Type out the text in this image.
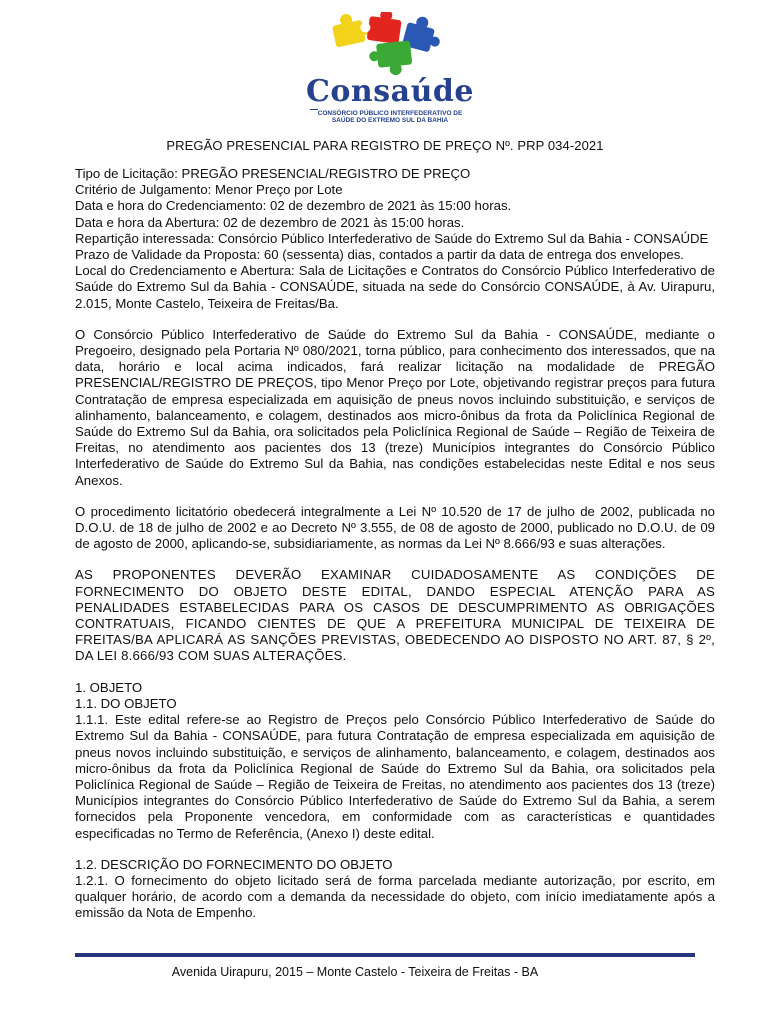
Consaúde
CONSÓRCIO PÚBLICO INTERFEDERATIVO DE
SAÚDE DO EXTREMO SUL DA BAHIA
PREGÃO PRESENCIAL PARA REGISTRO DE PREÇO Nº. PRP 034-2021

Tipo de Licitação: PREGÃO PRESENCIAL/REGISTRO DE PREÇO

Critério de Julgamento: Menor Preço por Lote

Data e hora do Credenciamento: 02 de dezembro de 2021 às 15:00 horas.

Data e hora da Abertura: 02 de dezembro de 2021 às 15:00 horas.

Repartição interessada: Consórcio Público Interfederativo de Saúde do Extremo Sul da Bahia - CONSAÚDE

Prazo de Validade da Proposta: 60 (sessenta) dias, contados a partir da data de entrega dos envelopes.

Local do Credenciamento e Abertura: Sala de Licitações e Contratos do Consórcio Público Interfederativo de Saúde do Extremo Sul da Bahia - CONSAÚDE, situada na sede do Consórcio CONSAÚDE, à Av. Uirapuru, 2.015, Monte Castelo, Teixeira de Freitas/Ba.

O Consórcio Público Interfederativo de Saúde do Extremo Sul da Bahia - CONSAÚDE, mediante o Pregoeiro, designado pela Portaria Nº 080/2021, torna público, para conhecimento dos interessados, que na data, horário e local acima indicados, fará realizar licitação na modalidade de PREGÃO PRESENCIAL/REGISTRO DE PREÇOS, tipo Menor Preço por Lote, objetivando registrar preços para futura Contratação de empresa especializada em aquisição de pneus novos incluindo substituição, e serviços de alinhamento, balanceamento, e colagem, destinados aos micro-ônibus da frota da Policlínica Regional de Saúde do Extremo Sul da Bahia, ora solicitados pela Policlínica Regional de Saúde – Região de Teixeira de Freitas, no atendimento aos pacientes dos 13 (treze) Municípios integrantes do Consórcio Público Interfederativo de Saúde do Extremo Sul da Bahia, nas condições estabelecidas neste Edital e nos seus Anexos.

O procedimento licitatório obedecerá integralmente a Lei Nº 10.520 de 17 de julho de 2002, publicada no D.O.U. de 18 de julho de 2002 e ao Decreto Nº 3.555, de 08 de agosto de 2000, publicado no D.O.U. de 09 de agosto de 2000, aplicando-se, subsidiariamente, as normas da Lei Nº 8.666/93 e suas alterações.

AS PROPONENTES DEVERÃO EXAMINAR CUIDADOSAMENTE AS CONDIÇÕES DE FORNECIMENTO DO OBJETO DESTE EDITAL, DANDO ESPECIAL ATENÇÃO PARA AS PENALIDADES ESTABELECIDAS PARA OS CASOS DE DESCUMPRIMENTO AS OBRIGAÇÕES CONTRATUAIS, FICANDO CIENTES DE QUE A PREFEITURA MUNICIPAL DE TEIXEIRA DE FREITAS/BA APLICARÁ AS SANÇÕES PREVISTAS, OBEDECENDO AO DISPOSTO NO ART. 87, § 2º, DA LEI 8.666/93 COM SUAS ALTERAÇÕES.

1. OBJETO

1.1. DO OBJETO

1.1.1. Este edital refere-se ao Registro de Preços pelo Consórcio Público Interfederativo de Saúde do Extremo Sul da Bahia - CONSAÚDE, para futura Contratação de empresa especializada em aquisição de pneus novos incluindo substituição, e serviços de alinhamento, balanceamento, e colagem, destinados aos micro-ônibus da frota da Policlínica Regional de Saúde do Extremo Sul da Bahia, ora solicitados pela Policlínica Regional de Saúde – Região de Teixeira de Freitas, no atendimento aos pacientes dos 13 (treze) Municípios integrantes do Consórcio Público Interfederativo de Saúde do Extremo Sul da Bahia, a serem fornecidos pela Proponente vencedora, em conformidade com as características e quantidades especificadas no Termo de Referência, (Anexo I) deste edital.

1.2. DESCRIÇÃO DO FORNECIMENTO DO OBJETO

1.2.1. O fornecimento do objeto licitado será de forma parcelada mediante autorização, por escrito, em qualquer horário, de acordo com a demanda da necessidade do objeto, com início imediatamente após a emissão da Nota de Empenho.

Avenida Uirapuru, 2015 – Monte Castelo - Teixeira de Freitas - BA
